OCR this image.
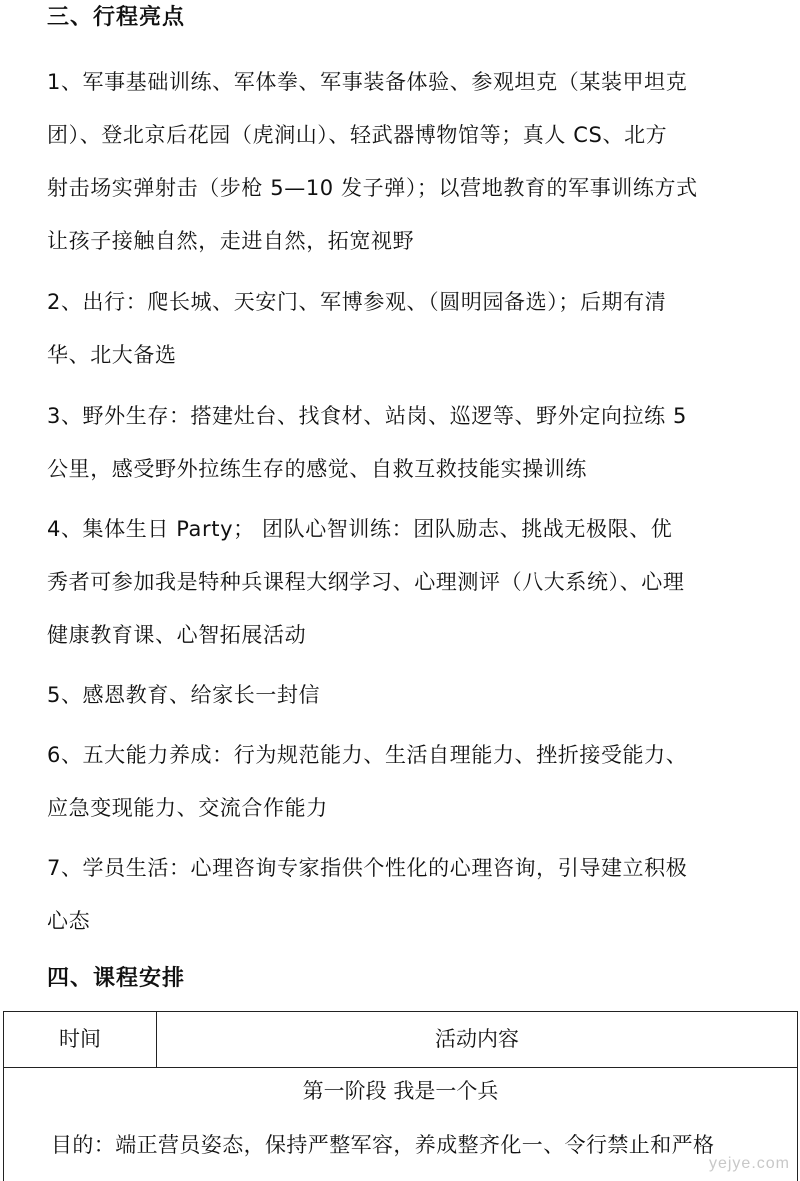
三、行程亮点
1、军事基础训练、军体拳、军事装备体验、参观坦克（某装甲坦克
团）、登北京后花园（虎涧山）、轻武器博物馆等；真人 CS、北方
射击场实弹射击（步枪 5—10 发子弹）；以营地教育的军事训练方式
让孩子接触自然，走进自然，拓宽视野
2、出行：爬长城、天安门、军博参观、（圆明园备选）；后期有清
华、北大备选
3、野外生存：搭建灶台、找食材、站岗、巡逻等、野外定向拉练 5
公里，感受野外拉练生存的感觉、自救互救技能实操训练
4、集体生日 Party； 团队心智训练：团队励志、挑战无极限、优
秀者可参加我是特种兵课程大纲学习、心理测评（八大系统）、心理
健康教育课、心智拓展活动
5、感恩教育、给家长一封信
6、五大能力养成：行为规范能力、生活自理能力、挫折接受能力、
应急变现能力、交流合作能力
7、学员生活：心理咨询专家指供个性化的心理咨询，引导建立积极
心态
四、课程安排
时间	活动内容
第一阶段 我是一个兵
目的：端正营员姿态，保持严整军容，养成整齐化一、令行禁止和严格
yejye.com
